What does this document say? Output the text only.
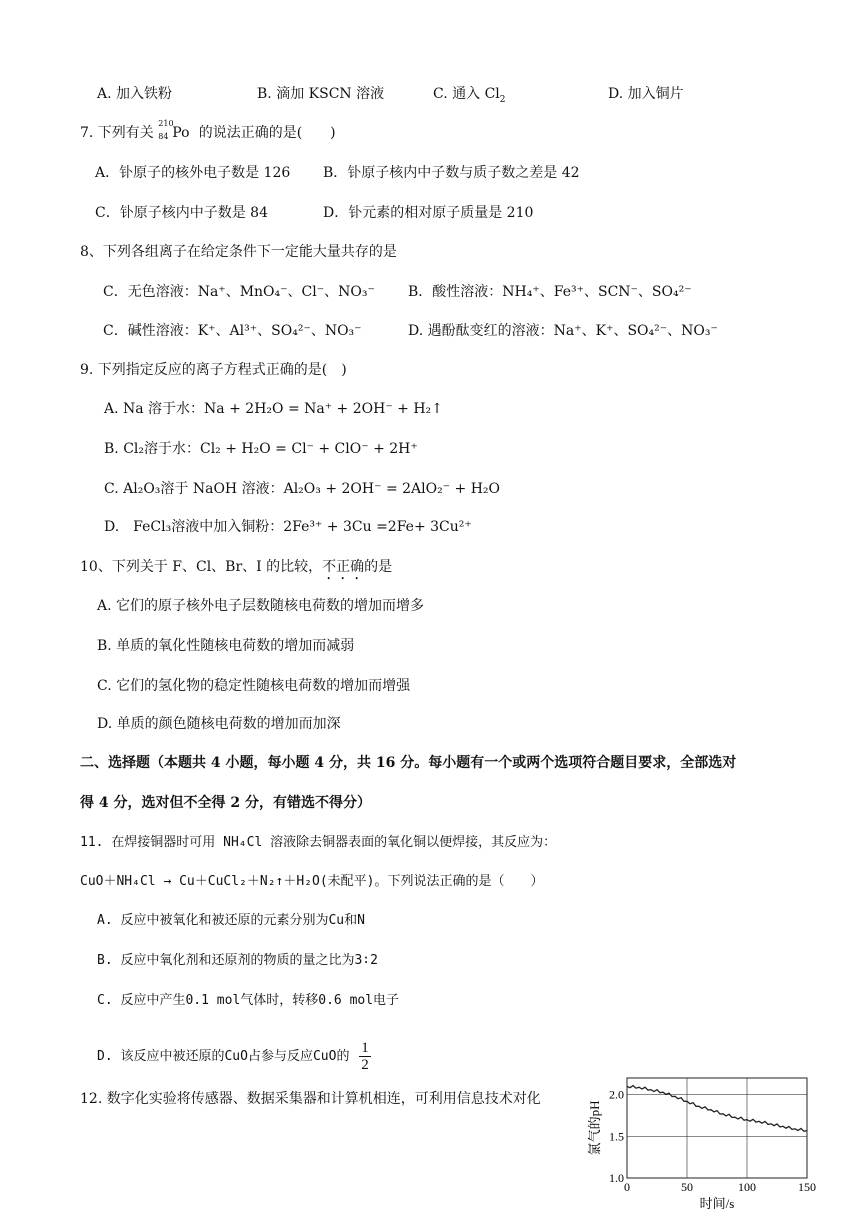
A. 加入铁粉	B. 滴加 KSCN 溶液	C. 通入 $Cl_2$	D. 加入铜片
7. 下列有关
210
84 Po 的说法正确的是(　　)
A．钋原子的核外电子数是 126 B．钋原子核内中子数与质子数之差是 42
C．钋原子核内中子数是 84	D．钋元素的相对原子质量是 210
8、下列各组离子在给定条件下一定能大量共存的是
C．无色溶液：Na⁺、MnO₄⁻、Cl⁻、NO₃⁻ B．酸性溶液：NH₄⁺、Fe³⁺、SCN⁻、SO₄²⁻
C．碱性溶液：K⁺、Al³⁺、SO₄²⁻、NO₃⁻	D. 遇酚酞变红的溶液：Na⁺、K⁺、SO₄²⁻、NO₃⁻
9. 下列指定反应的离子方程式正确的是(　)
A. Na 溶于水：Na + 2H₂O = Na⁺ + 2OH⁻ + H₂↑
B. Cl₂溶于水：Cl₂ + H₂O = Cl⁻ + ClO⁻ + 2H⁺
C. Al₂O₃溶于 NaOH 溶液：Al₂O₃ + 2OH⁻ = 2AlO₂⁻ + H₂O
D.　FeCl₃溶液中加入铜粉：2Fe³⁺ + 3Cu =2Fe+ 3Cu²⁺
10、下列关于 F、Cl、Br、I 的比较，不正确的是
A. 它们的原子核外电子层数随核电荷数的增加而增多
B. 单质的氧化性随核电荷数的增加而减弱
C. 它们的氢化物的稳定性随核电荷数的增加而增强
D. 单质的颜色随核电荷数的增加而加深
二、选择题（本题共 4 小题，每小题 4 分，共 16 分。每小题有一个或两个选项符合题目要求，全部选对
得 4 分，选对但不全得 2 分，有错选不得分）
11. 在焊接铜器时可用 NH₄Cl 溶液除去铜器表面的氧化铜以便焊接，其反应为：
CuO＋NH₄Cl → Cu＋CuCl₂＋N₂↑＋H₂O(未配平)。下列说法正确的是（　　）
A. 反应中被氧化和被还原的元素分别为Cu和N
B. 反应中氧化剂和还原剂的物质的量之比为3∶2
C. 反应中产生0.1 mol气体时，转移0.6 mol电子
D. 该反应中被还原的CuO占参与反应CuO的 $\frac{1}{2}$
12. 数字化实验将传感器、数据采集器和计算机相连，可利用信息技术对化
0	50	100	150
1.0
1.5
2.0
时间/s
氯气的pH
